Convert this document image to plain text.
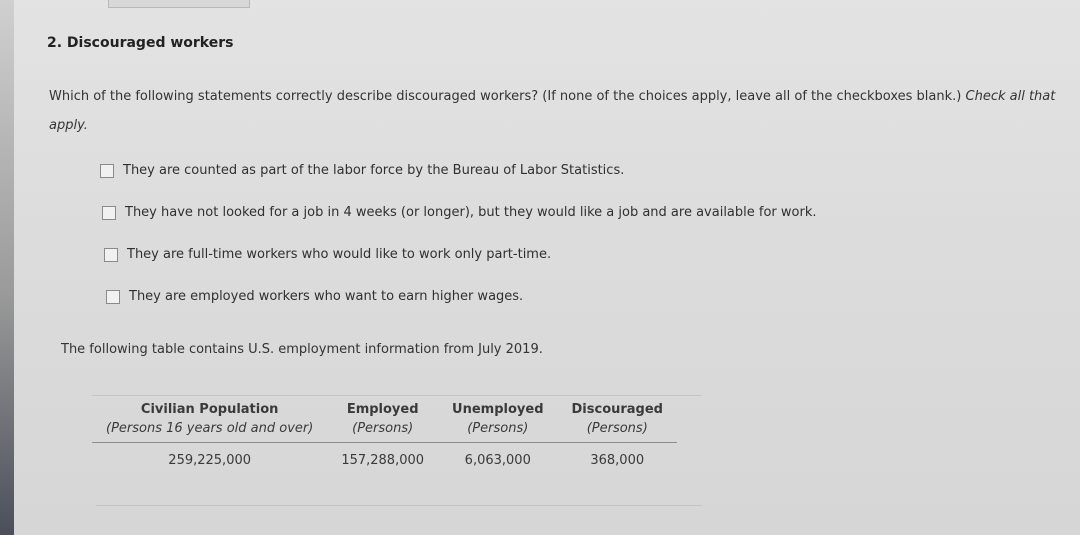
2. Discouraged workers
Which of the following statements correctly describe discouraged workers? (If none of the choices apply, leave all of the checkboxes blank.) Check all that apply.
They are counted as part of the labor force by the Bureau of Labor Statistics.
They have not looked for a job in 4 weeks (or longer), but they would like a job and are available for work.
They are full-time workers who would like to work only part-time.
They are employed workers who want to earn higher wages.
The following table contains U.S. employment information from July 2019.
Civilian Population	Employed	Unemployed	Discouraged
(Persons 16 years old and over)	(Persons)	(Persons)	(Persons)
259,225,000	157,288,000	6,063,000	368,000
